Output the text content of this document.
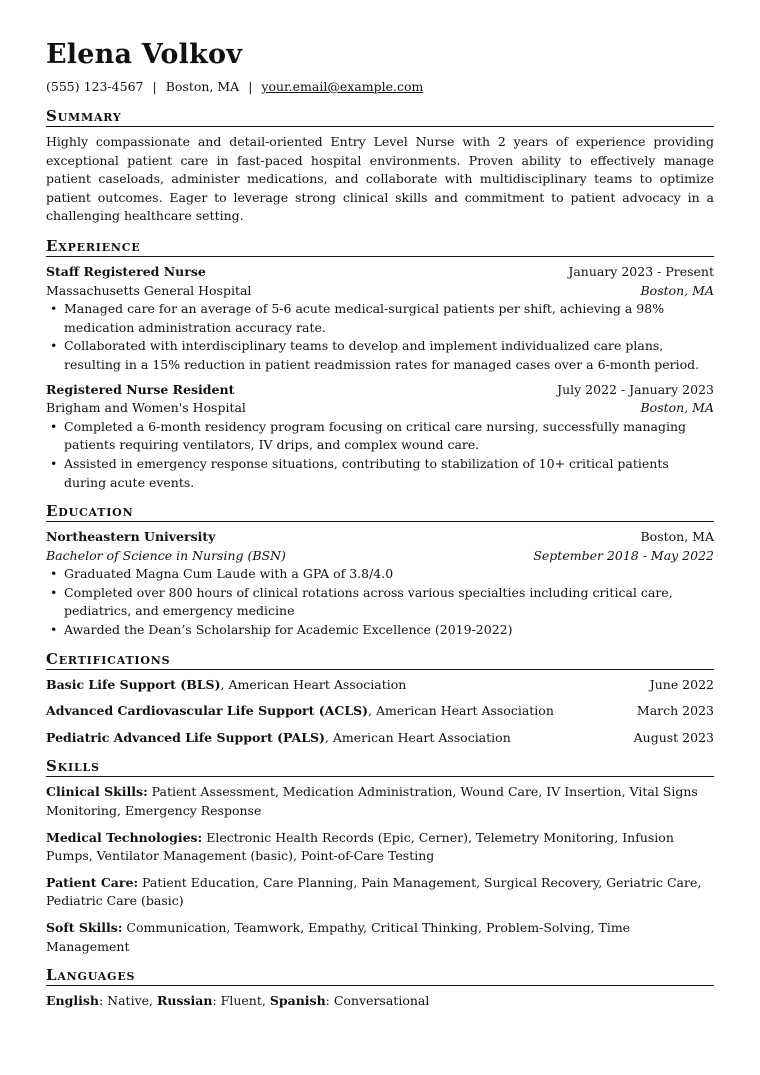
Elena Volkov
(555) 123-4567 | Boston, MA | your.email@example.com
Summary
Highly compassionate and detail-oriented Entry Level Nurse with 2 years of experience providing exceptional patient care in fast-paced hospital environments. Proven ability to effectively manage patient caseloads, administer medications, and collaborate with multidisciplinary teams to optimize patient outcomes. Eager to leverage strong clinical skills and commitment to patient advocacy in a challenging healthcare setting.
Experience
Staff Registered Nurse	January 2023 - Present
Massachusetts General Hospital	Boston, MA
• Managed care for an average of 5-6 acute medical-surgical patients per shift, achieving a 98% medication administration accuracy rate.
• Collaborated with interdisciplinary teams to develop and implement individualized care plans, resulting in a 15% reduction in patient readmission rates for managed cases over a 6-month period.
Registered Nurse Resident	July 2022 - January 2023
Brigham and Women's Hospital	Boston, MA
• Completed a 6-month residency program focusing on critical care nursing, successfully managing patients requiring ventilators, IV drips, and complex wound care.
• Assisted in emergency response situations, contributing to stabilization of 10+ critical patients during acute events.
Education
Northeastern University	Boston, MA
Bachelor of Science in Nursing (BSN)	September 2018 - May 2022
• Graduated Magna Cum Laude with a GPA of 3.8/4.0
• Completed over 800 hours of clinical rotations across various specialties including critical care, pediatrics, and emergency medicine
• Awarded the Dean’s Scholarship for Academic Excellence (2019-2022)
Certifications
Basic Life Support (BLS), American Heart Association	June 2022
Advanced Cardiovascular Life Support (ACLS), American Heart Association	March 2023
Pediatric Advanced Life Support (PALS), American Heart Association	August 2023
Skills
Clinical Skills: Patient Assessment, Medication Administration, Wound Care, IV Insertion, Vital Signs Monitoring, Emergency Response
Medical Technologies: Electronic Health Records (Epic, Cerner), Telemetry Monitoring, Infusion Pumps, Ventilator Management (basic), Point-of-Care Testing
Patient Care: Patient Education, Care Planning, Pain Management, Surgical Recovery, Geriatric Care, Pediatric Care (basic)
Soft Skills: Communication, Teamwork, Empathy, Critical Thinking, Problem-Solving, Time Management
Languages
English: Native, Russian: Fluent, Spanish: Conversational
